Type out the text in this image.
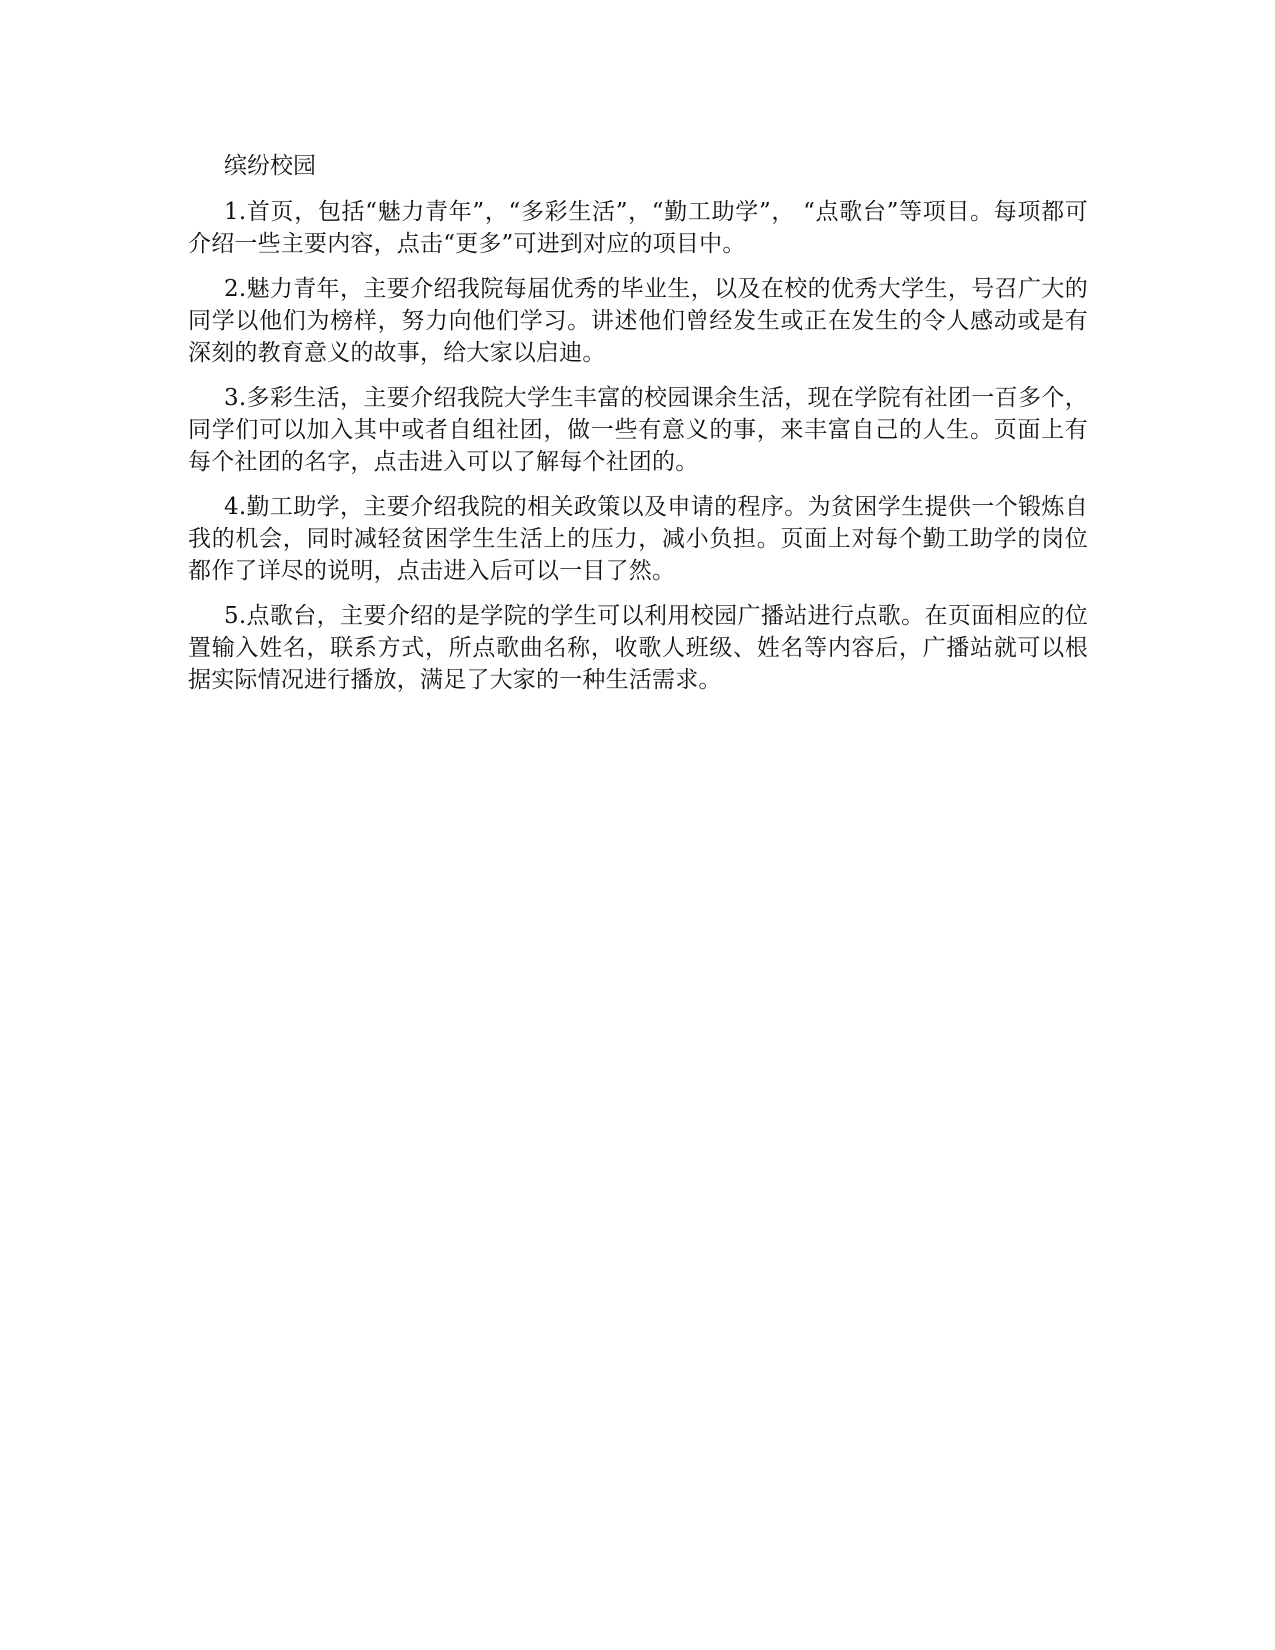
缤纷校园

1.首页，包括“魅力青年”，“多彩生活”，“勤工助学”， “点歌台”等项目。每项都可介绍一些主要内容，点击“更多”可进到对应的项目中。

2.魅力青年，主要介绍我院每届优秀的毕业生，以及在校的优秀大学生，号召广大的同学以他们为榜样，努力向他们学习。讲述他们曾经发生或正在发生的令人感动或是有深刻的教育意义的故事，给大家以启迪。

3.多彩生活，主要介绍我院大学生丰富的校园课余生活，现在学院有社团一百多个，同学们可以加入其中或者自组社团，做一些有意义的事，来丰富自己的人生。页面上有每个社团的名字，点击进入可以了解每个社团的。

4.勤工助学，主要介绍我院的相关政策以及申请的程序。为贫困学生提供一个锻炼自我的机会，同时减轻贫困学生生活上的压力，减小负担。页面上对每个勤工助学的岗位都作了详尽的说明，点击进入后可以一目了然。

5.点歌台，主要介绍的是学院的学生可以利用校园广播站进行点歌。在页面相应的位置输入姓名，联系方式，所点歌曲名称，收歌人班级、姓名等内容后，广播站就可以根据实际情况进行播放，满足了大家的一种生活需求。
